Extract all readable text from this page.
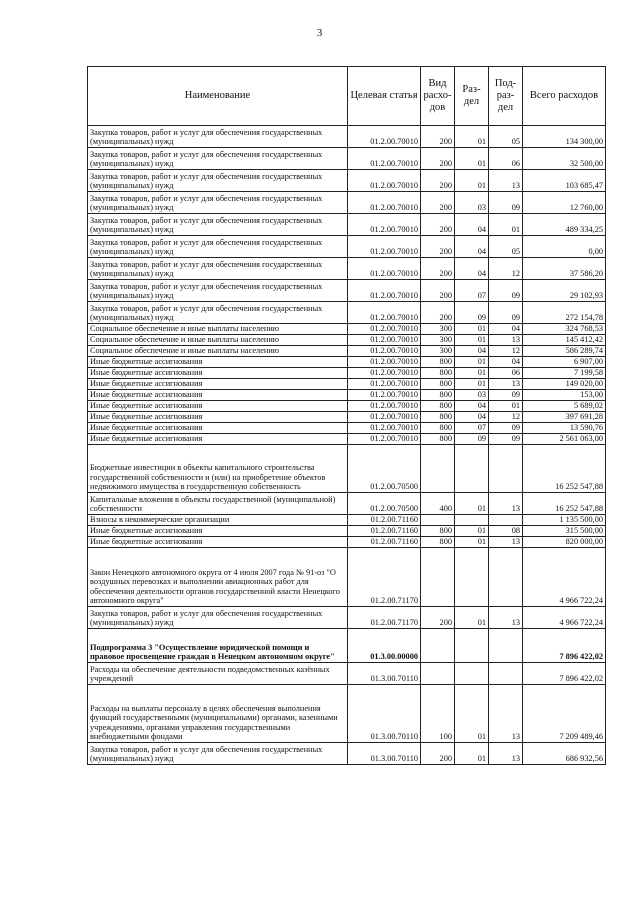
3
Наименование	Целевая статья	Вид расхо-дов	Раз-дел	Под-раз-дел	Всего расходов
Закупка товаров, работ и услуг для обеспечения государственных (муниципальных) нужд	01.2.00.70010	200	01	05	134 300,00
Закупка товаров, работ и услуг для обеспечения государственных (муниципальных) нужд	01.2.00.70010	200	01	06	32 500,00
Закупка товаров, работ и услуг для обеспечения государственных (муниципальных) нужд	01.2.00.70010	200	01	13	103 685,47
Закупка товаров, работ и услуг для обеспечения государственных (муниципальных) нужд	01.2.00.70010	200	03	09	12 760,00
Закупка товаров, работ и услуг для обеспечения государственных (муниципальных) нужд	01.2.00.70010	200	04	01	489 334,25
Закупка товаров, работ и услуг для обеспечения государственных (муниципальных) нужд	01.2.00.70010	200	04	05	0,00
Закупка товаров, работ и услуг для обеспечения государственных (муниципальных) нужд	01.2.00.70010	200	04	12	37 586,20
Закупка товаров, работ и услуг для обеспечения государственных (муниципальных) нужд	01.2.00.70010	200	07	09	29 102,93
Закупка товаров, работ и услуг для обеспечения государственных (муниципальных) нужд	01.2.00.70010	200	09	09	272 154,78
Социальное обеспечение и иные выплаты населению	01.2.00.70010	300	01	04	324 768,53
Социальное обеспечение и иные выплаты населению	01.2.00.70010	300	01	13	145 412,42
Социальное обеспечение и иные выплаты населению	01.2.00.70010	300	04	12	586 289,74
Иные бюджетные ассигнования	01.2.00.70010	800	01	04	6 907,00
Иные бюджетные ассигнования	01.2.00.70010	800	01	06	7 199,58
Иные бюджетные ассигнования	01.2.00.70010	800	01	13	149 020,00
Иные бюджетные ассигнования	01.2.00.70010	800	03	09	153,00
Иные бюджетные ассигнования	01.2.00.70010	800	04	01	5 689,02
Иные бюджетные ассигнования	01.2.00.70010	800	04	12	397 691,28
Иные бюджетные ассигнования	01.2.00.70010	800	07	09	13 590,76
Иные бюджетные ассигнования	01.2.00.70010	800	09	09	2 561 063,00
Бюджетные инвестиции в объекты капитального строительства государственной собственности и (или) на приобретение объектов недвижимого имущества в государственную собственность	01.2.00.70500				16 252 547,88
Капитальные вложения в объекты государственной (муниципальной) собственности	01.2.00.70500	400	01	13	16 252 547,88
Взносы в некоммерческие организации	01.2.00.71160				1 135 500,00
Иные бюджетные ассигнования	01.2.00.71160	800	01	08	315 500,00
Иные бюджетные ассигнования	01.2.00.71160	800	01	13	820 000,00
Закон Ненецкого автономного округа от 4 июля 2007 года № 91-оз "О воздушных перевозках и выполнении авиационных работ для обеспечения деятельности органов государственной власти Ненецкого автономного округа"	01.2.00.71170				4 966 722,24
Закупка товаров, работ и услуг для обеспечения государственных (муниципальных) нужд	01.2.00.71170	200	01	13	4 966 722,24
Подпрограмма 3 "Осуществление юридической помощи и правовое просвещение граждан в Ненецком автономном округе"	01.3.00.00000				7 896 422,02
Расходы на обеспечение деятельности подведомственных казённых учреждений	01.3.00.70110				7 896 422,02
Расходы на выплаты персоналу в целях обеспечения выполнения функций государственными (муниципальными) органами, казенными учреждениями, органами управления государственными внебюджетными фондами	01.3.00.70110	100	01	13	7 209 489,46
Закупка товаров, работ и услуг для обеспечения государственных (муниципальных) нужд	01.3.00.70110	200	01	13	686 932,56
